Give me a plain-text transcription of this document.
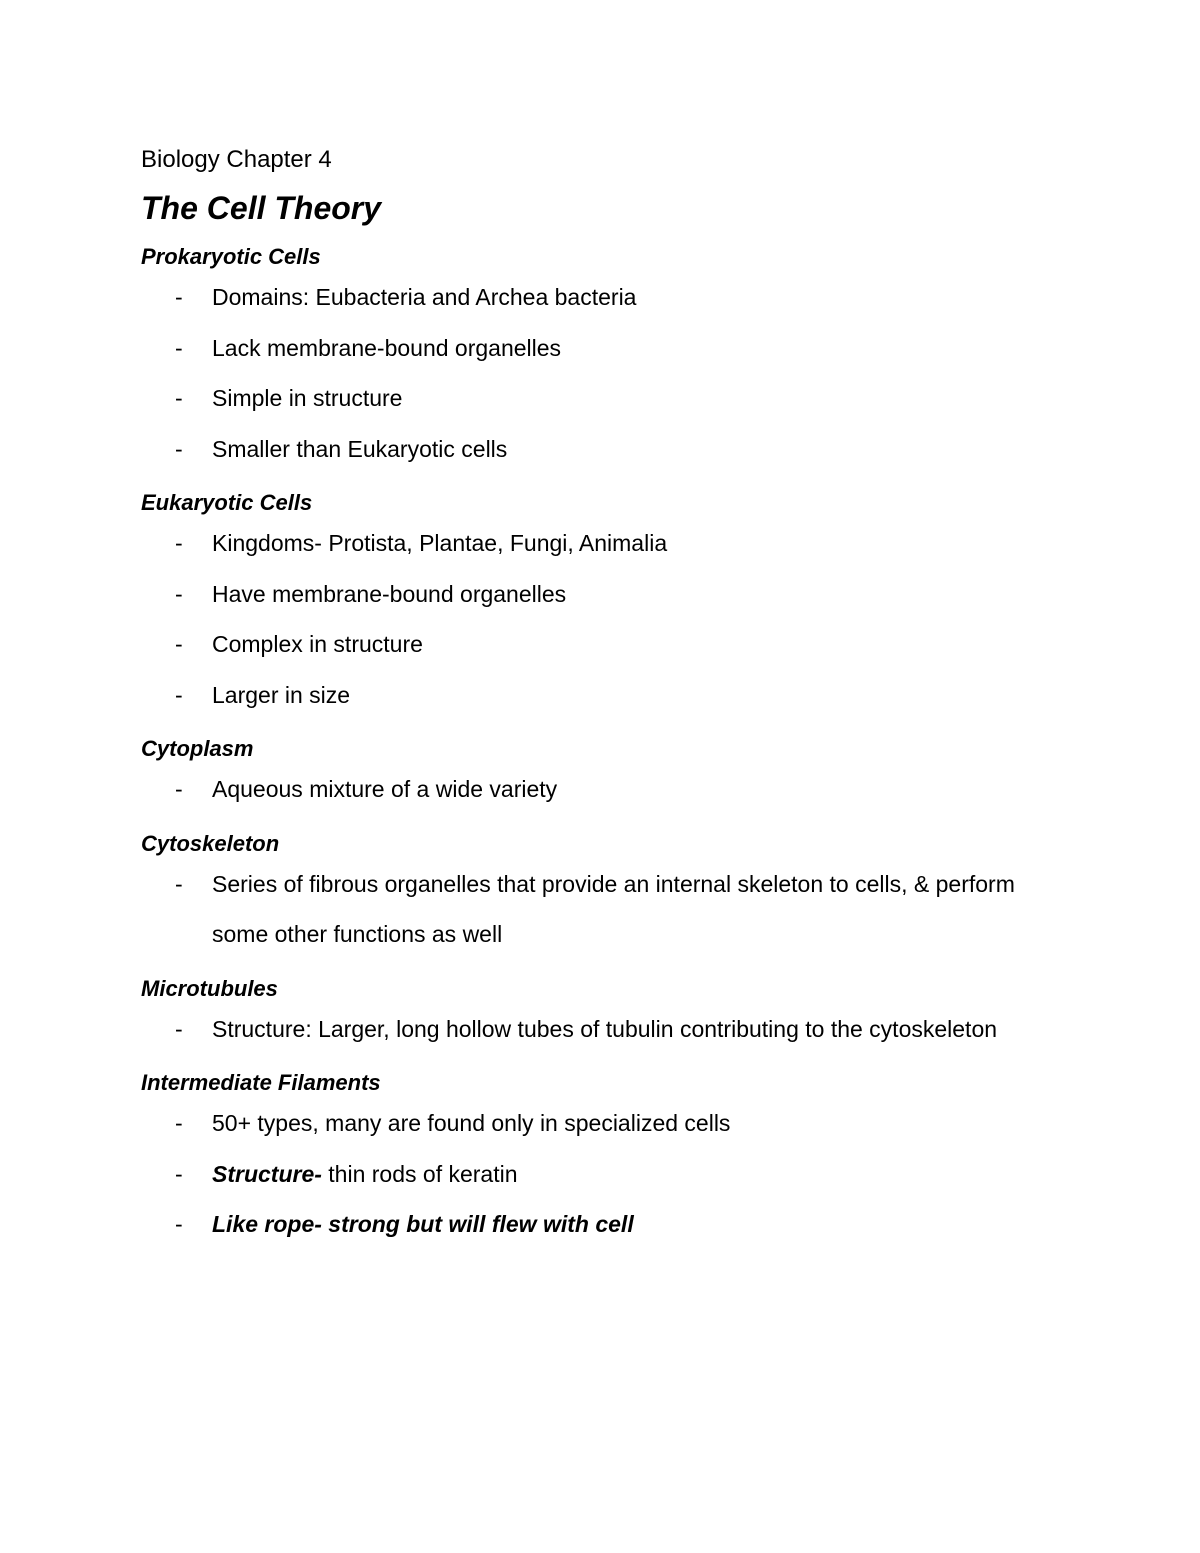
Biology Chapter 4
The Cell Theory
Prokaryotic Cells
- Domains: Eubacteria and Archea bacteria
- Lack membrane-bound organelles
- Simple in structure
- Smaller than Eukaryotic cells
Eukaryotic Cells
- Kingdoms- Protista, Plantae, Fungi, Animalia
- Have membrane-bound organelles
- Complex in structure
- Larger in size
Cytoplasm
- Aqueous mixture of a wide variety
Cytoskeleton
- Series of fibrous organelles that provide an internal skeleton to cells, & perform some other functions as well
Microtubules
- Structure: Larger, long hollow tubes of tubulin contributing to the cytoskeleton
Intermediate Filaments
- 50+ types, many are found only in specialized cells
- Structure- thin rods of keratin
- Like rope- strong but will flew with cell
